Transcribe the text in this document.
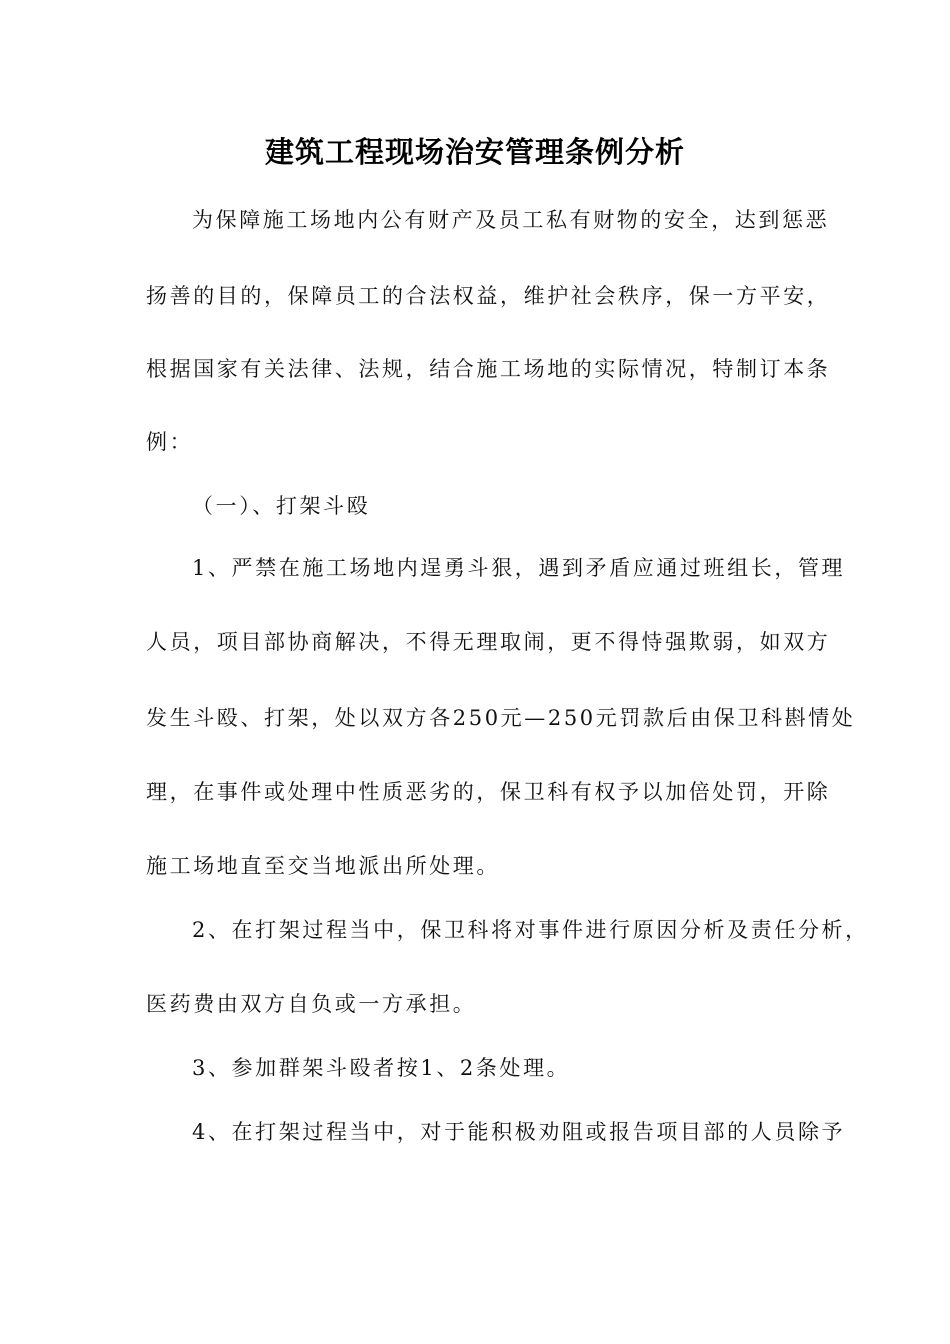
建筑工程现场治安管理条例分析
为保障施工场地内公有财产及员工私有财物的安全，达到惩恶
扬善的目的，保障员工的合法权益，维护社会秩序，保一方平安，
根据国家有关法律、法规，结合施工场地的实际情况，特制订本条
例：
（一）、打架斗殴
1、严禁在施工场地内逞勇斗狠，遇到矛盾应通过班组长，管理
人员，项目部协商解决，不得无理取闹，更不得恃强欺弱，如双方
发生斗殴、打架，处以双方各250元—250元罚款后由保卫科斟情处
理，在事件或处理中性质恶劣的，保卫科有权予以加倍处罚，开除
施工场地直至交当地派出所处理。
2、在打架过程当中，保卫科将对事件进行原因分析及责任分析，
医药费由双方自负或一方承担。
3、参加群架斗殴者按1、2条处理。
4、在打架过程当中，对于能积极劝阻或报告项目部的人员除予
